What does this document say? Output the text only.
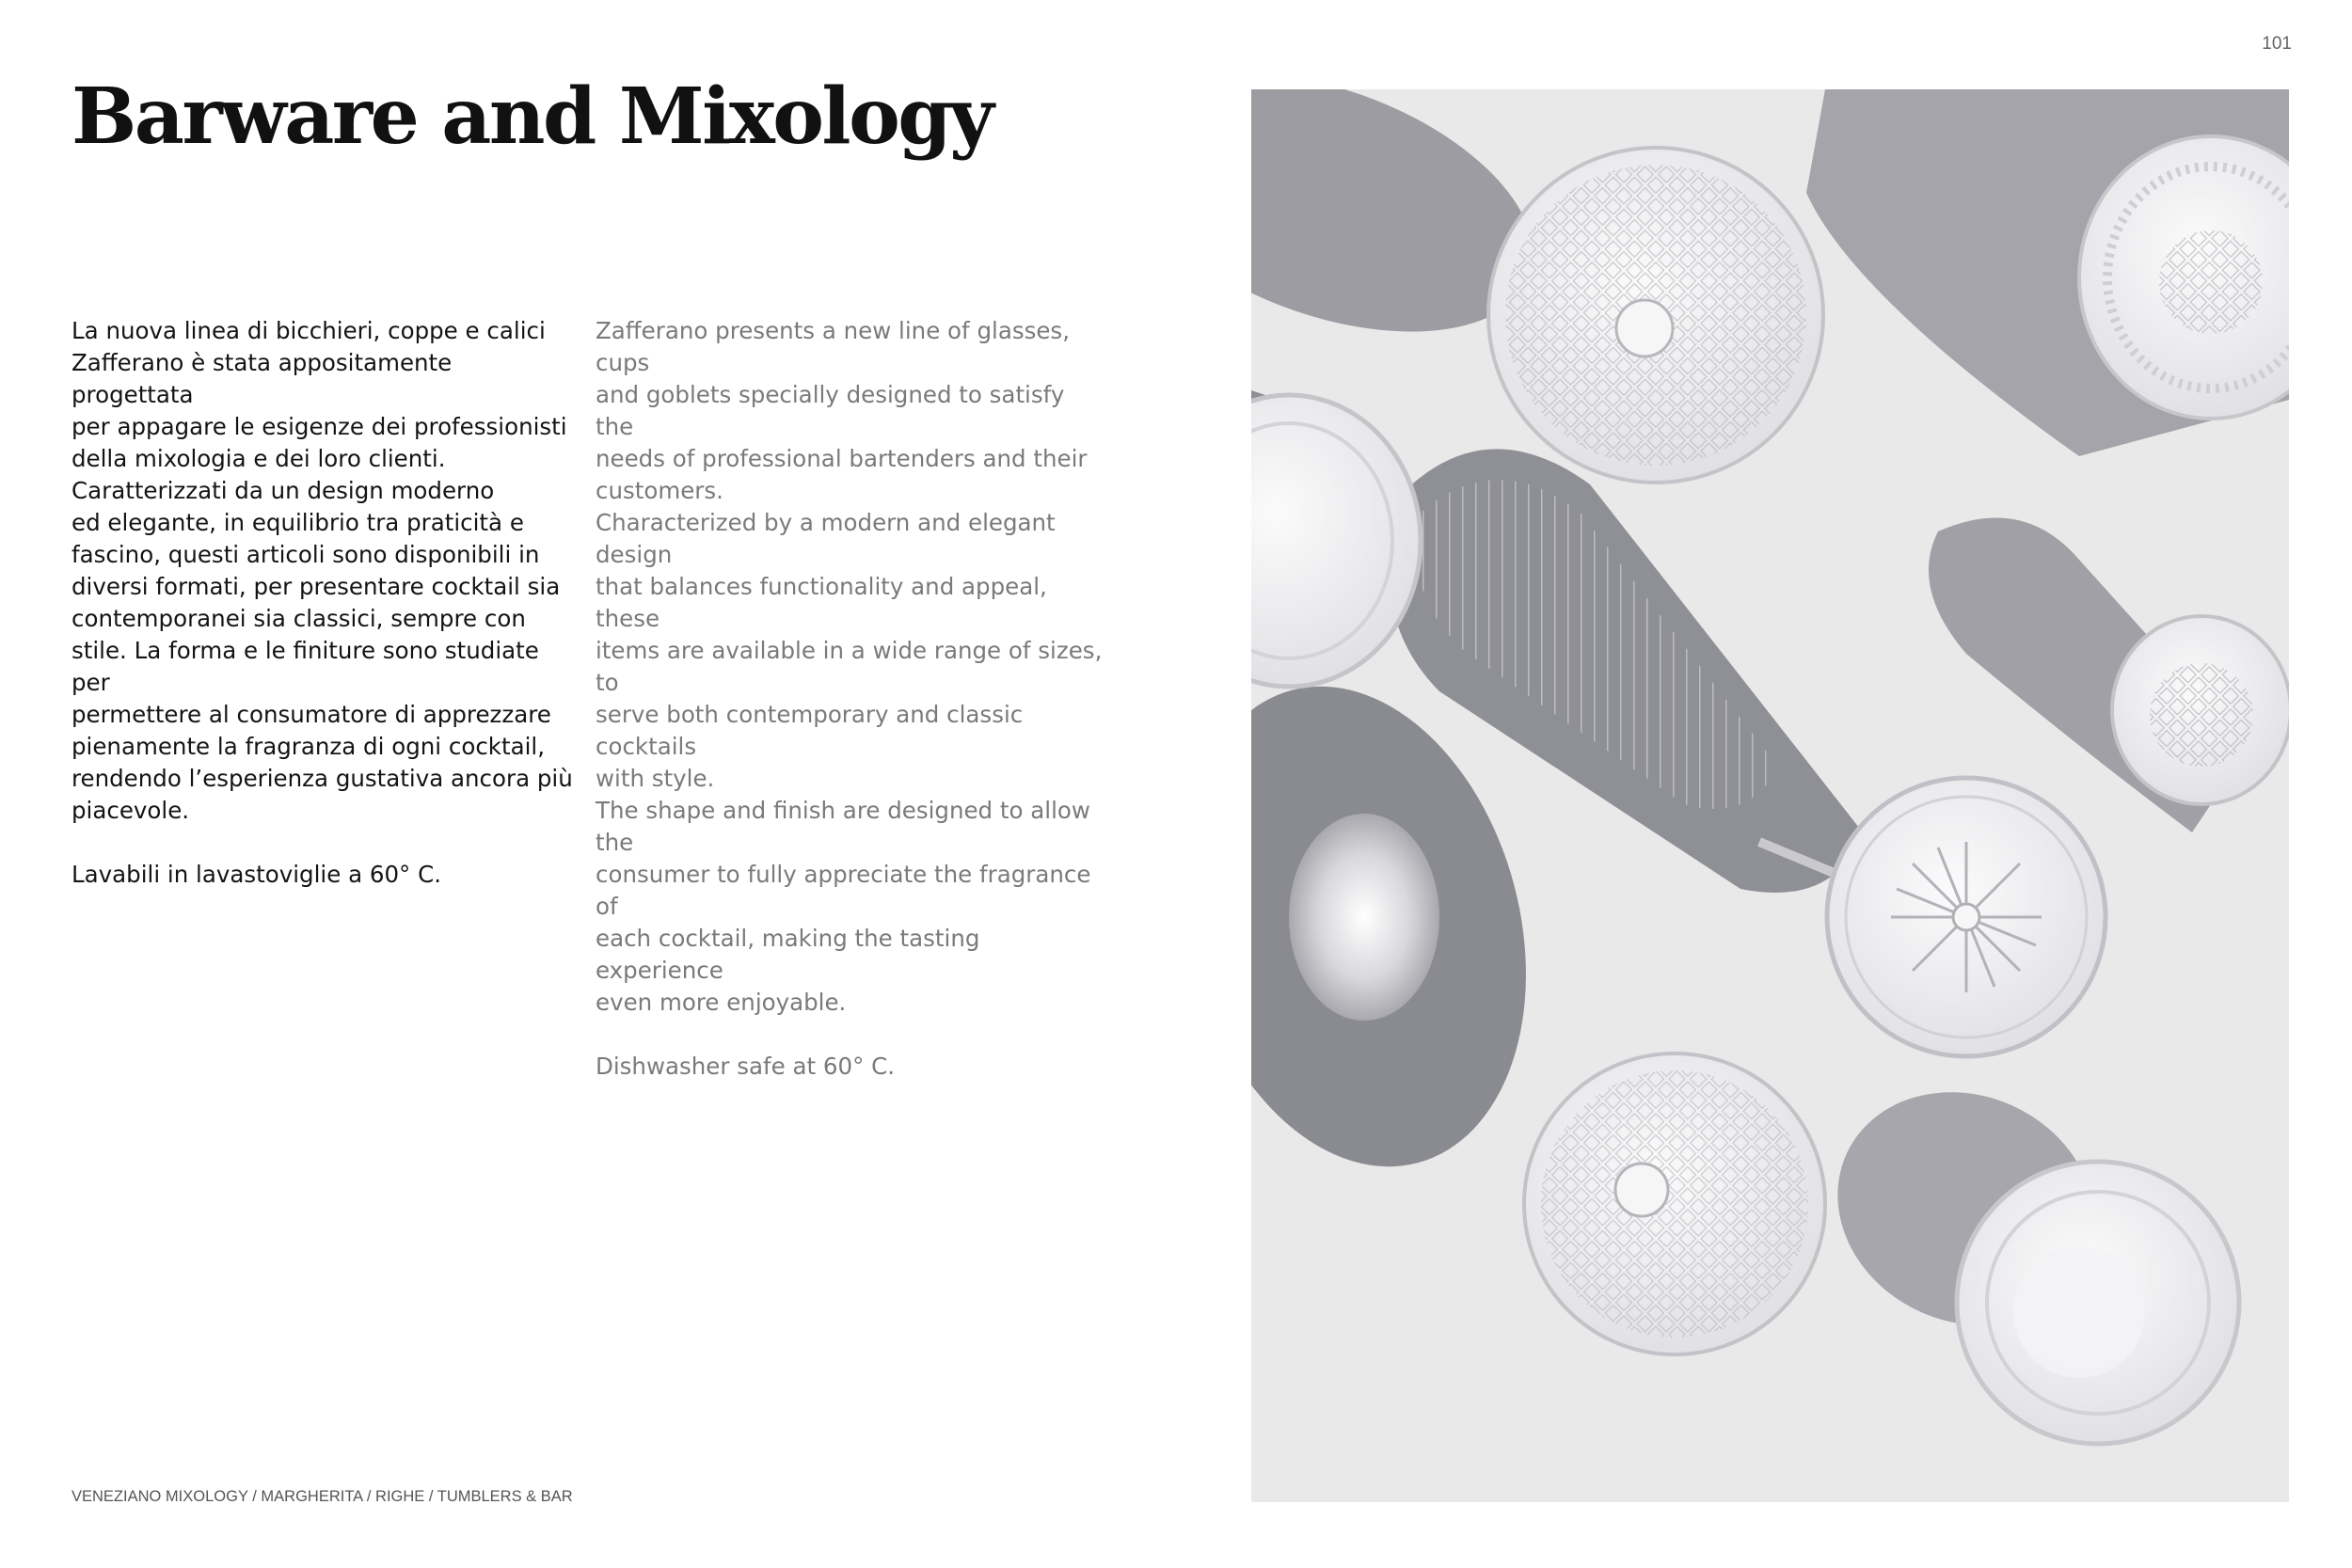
101
Barware and Mixology

La nuova linea di bicchieri, coppe e calici
Zafferano è stata appositamente progettata
per appagare le esigenze dei professionisti
della mixologia e dei loro clienti.
Caratterizzati da un design moderno
ed elegante, in equilibrio tra praticità e
fascino, questi articoli sono disponibili in
diversi formati, per presentare cocktail sia
contemporanei sia classici, sempre con
stile. La forma e le finiture sono studiate per
permettere al consumatore di apprezzare
pienamente la fragranza di ogni cocktail,
rendendo l’esperienza gustativa ancora più
piacevole.

Lavabili in lavastoviglie a 60° C.

Zafferano presents a new line of glasses, cups
and goblets specially designed to satisfy the
needs of professional bartenders and their
customers.
Characterized by a modern and elegant design
that balances functionality and appeal, these
items are available in a wide range of sizes, to
serve both contemporary and classic cocktails
with style.
The shape and finish are designed to allow the
consumer to fully appreciate the fragrance of
each cocktail, making the tasting experience
even more enjoyable.

Dishwasher safe at 60° C.

VENEZIANO MIXOLOGY / MARGHERITA / RIGHE / TUMBLERS & BAR
